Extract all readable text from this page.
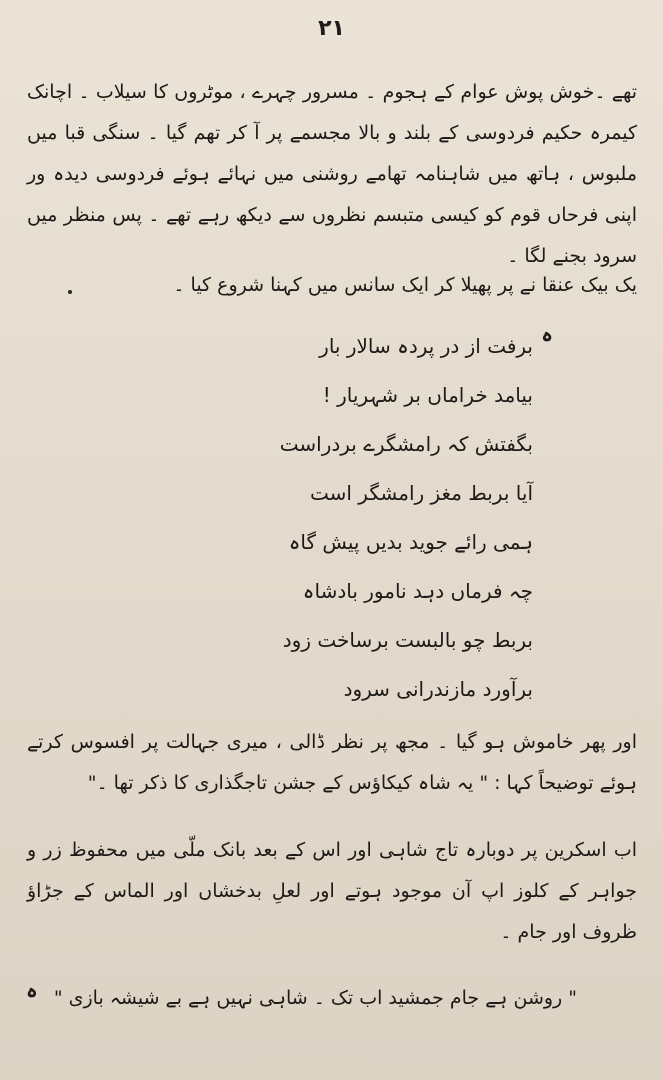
۲۱
تھے ۔خوش پوش عوام کے ہجوم ۔ مسرور چہرے ، موٹروں کا سیلاب ۔ اچانک کیمرہ حکیم فردوسی کے بلند و بالا مجسمے پر آ کر تھم گیا ۔ سنگی قبا میں ملبوس ، ہاتھ میں شاہنامہ تھامے روشنی میں نہائے ہوئے فردوسی دیدہ ور اپنی فرحاں قوم کو کیسی متبسم نظروں سے دیکھ رہے تھے ۔ پس منظر میں سرود بجنے لگا ۔
یک بیک عنقا نے پر پھیلا کر ایک سانس میں کہنا شروع کیا ۔
ہ
برفت از در پردہ سالار بار
بیامد خراماں بر شہریار !
بگفتش کہ رامشگرے بردراست
آیا بربط مغز رامشگر است
ہمی رائے جوید بدیں پیش گاہ
چہ فرماں دہد نامور بادشاہ
بربط چو بالبست برساخت زود
برآورد مازندرانی سرود
اور پھر خاموش ہو گیا ۔ مجھ پر نظر ڈالی ، میری جہالت پر افسوس کرتے ہوئے توضیحاً کہا : " یہ شاہ کیکاؤس کے جشن تاجگذاری کا ذکر تھا ۔"
اب اسکرین پر دوبارہ تاج شاہی اور اس کے بعد بانک ملّی میں محفوظ زر و جواہر کے کلوز اپ آن موجود ہوتے اور لعلِ بدخشاں اور الماس کے جڑاؤ ظروف اور جام ۔
ہ " روشن ہے جام جمشید اب تک ۔ شاہی نہیں ہے بے شیشہ بازی "
